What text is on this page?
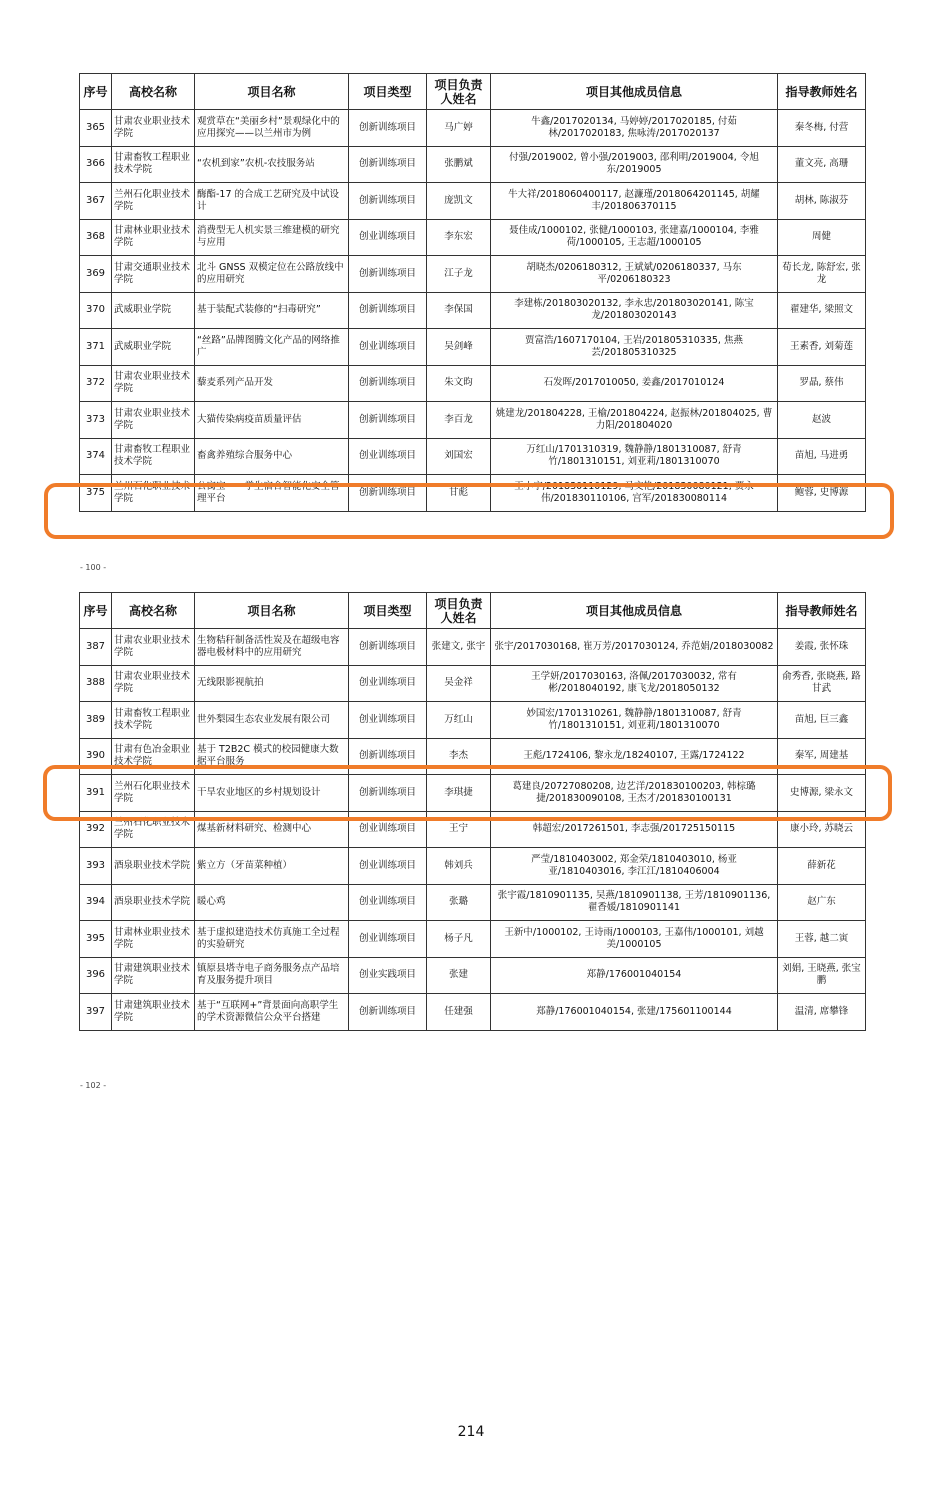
序号	高校名称	项目名称	项目类型	项目负责人姓名	项目其他成员信息	指导教师姓名
365	甘肃农业职业技术学院	观赏草在“美丽乡村”景观绿化中的应用探究——以兰州市为例	创新训练项目	马广婷	牛鑫/2017020134, 马婷婷/2017020185, 付茹林/2017020183, 焦咏涛/2017020137	秦冬梅, 付营
366	甘肃畜牧工程职业技术学院	“农机到家”农机-农技服务站	创新训练项目	张鹏斌	付强/2019002, 曾小强/2019003, 邵利明/2019004, 令旭东/2019005	董文亮, 高珊
367	兰州石化职业技术学院	酶酯-17 的合成工艺研究及中试设计	创新训练项目	庞凯文	牛大祥/2018060400117, 赵濂瑾/2018064201145, 胡耀丰/201806370115	胡林, 陈淑芬
368	甘肃林业职业技术学院	消费型无人机实景三维建模的研究与应用	创业训练项目	李东宏	聂佳成/1000102, 张健/1000103, 张建嘉/1000104, 李雅荷/1000105, 王志超/1000105	周健
369	甘肃交通职业技术学院	北斗 GNSS 双模定位在公路放线中的应用研究	创新训练项目	江子龙	胡晓杰/0206180312, 王斌斌/0206180337, 马东平/0206180323	荀长龙, 陈舒宏, 张龙
370	武威职业学院	基于装配式装修的“扫毒研究”	创新训练项目	李保国	李建栋/201803020132, 李永忠/201803020141, 陈宝龙/201803020143	翟建华, 梁照文
371	武威职业学院	“丝路”品牌图腾文化产品的网络推广	创业训练项目	吴剑峰	贾富浩/1607170104, 王岩/201805310335, 焦燕芸/201805310325	王素香, 刘菊莲
372	甘肃农业职业技术学院	藜麦系列产品开发	创新训练项目	朱文昀	石发晖/2017010050, 姜鑫/2017010124	罗晶, 蔡伟
373	甘肃农业职业技术学院	大猫传染病疫苗质量评估	创新训练项目	李百龙	姚建龙/201804228, 王榆/201804224, 赵振林/201804025, 曹力阳/201804020	赵波
374	甘肃畜牧工程职业技术学院	畜禽养殖综合服务中心	创业训练项目	刘国宏	万红山/1701310319, 魏静静/1801310087, 舒青竹/1801310151, 刘亚莉/1801310070	苗旭, 马进勇
375	兰州石化职业技术学院	公寓宝——学生宿舍智能化安全管理平台	创新训练项目	甘彪	王小宁/201830110129, 马文艳/201830080121, 贾永伟/201830110106, 宫军/201830080114	鲍蓉, 史博源
- 100 -
序号	高校名称	项目名称	项目类型	项目负责人姓名	项目其他成员信息	指导教师姓名
387	甘肃农业职业技术学院	生物秸秆制备活性炭及在超级电容器电极材料中的应用研究	创新训练项目	张建文, 张宇	张宇/2017030168, 崔万芳/2017030124, 乔范娟/2018030082	姜霞, 张怀珠
388	甘肃农业职业技术学院	无线限影视航拍	创业训练项目	吴金祥	王学妍/2017030163, 洛佩/2017030032, 常有彬/2018040192, 康飞龙/2018050132	俞秀香, 张晓燕, 路甘武
389	甘肃畜牧工程职业技术学院	世外梨园生态农业发展有限公司	创业训练项目	万红山	妙国宏/1701310261, 魏静静/1801310087, 舒青竹/1801310151, 刘亚莉/1801310070	苗旭, 巨三鑫
390	甘肃有色冶金职业技术学院	基于 T2B2C 模式的校园健康大数据平台服务	创新训练项目	李杰	王彪/1724106, 黎永龙/18240107, 王露/1724122	秦军, 周建基
391	兰州石化职业技术学院	干旱农业地区的乡村规划设计	创新训练项目	李琪捷	葛建良/20727080208, 边艺洋/201830100203, 韩棕璐捷/201830090108, 王杰才/201830100131	史博源, 梁永文
392	兰州石化职业技术学院	煤基新材料研究、检测中心	创业训练项目	王宁	韩超宏/2017261501, 李志强/201725150115	康小玲, 苏晓云
393	酒泉职业技术学院	紫立方（牙苗菜种植）	创业训练项目	韩刘兵	严莹/1810403002, 郑金荣/1810403010, 杨亚亚/1810403016, 李江江/1810406004	薛新花
394	酒泉职业技术学院	暖心鸡	创业训练项目	张璐	张宇霞/1810901135, 吴燕/1810901138, 王芳/1810901136, 翟香媛/1810901141	赵广东
395	甘肃林业职业技术学院	基于虚拟建造技术仿真施工全过程的实验研究	创业训练项目	杨子凡	王新中/1000102, 王诗雨/1000103, 王嘉伟/1000101, 刘越美/1000105	王蓉, 越二寅
396	甘肃建筑职业技术学院	镇原县塔寺电子商务服务点产品培育及服务提升项目	创业实践项目	张建	郑静/176001040154	刘娟, 王晓燕, 张宝鹏
397	甘肃建筑职业技术学院	基于“互联网+”背景面向高职学生的学术资源微信公众平台搭建	创新训练项目	任建强	郑静/176001040154, 张建/175601100144	温清, 席攀锋
- 102 -
214
